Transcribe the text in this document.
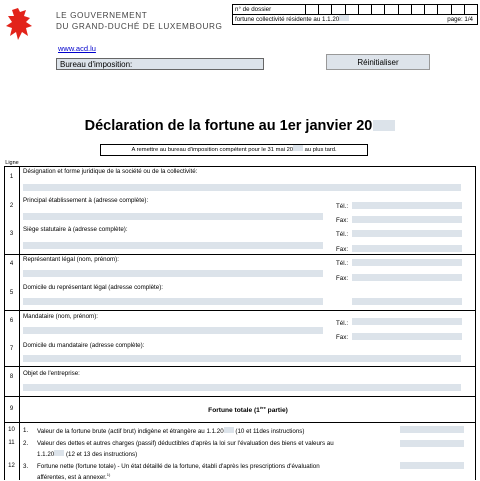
LE GOUVERNEMENT
DU GRAND-DUCHÉ DE LUXEMBOURG
www.acd.lu
Bureau d'imposition:	Réinitialiser
n° de dossier
fortune collectivité résidente au 1.1.20	page: 1/4
Déclaration de la fortune au 1er janvier 20
A remettre au bureau d'imposition compétent pour le 31 mai 20 au plus tard.
Ligne
1
Désignation et forme juridique de la société ou de la collectivité:
2
Principal établissement à (adresse complète):
Tél.:
Fax:
3
Siège statutaire à (adresse complète):
Tél.:
Fax:
4
Représentant légal (nom, prénom):
Tél.:
Fax:
5
Domicile du représentant légal (adresse complète):
6
Mandataire (nom, prénom):
Tél.:
Fax:
7	Domicile du mandataire (adresse complète):
8	Objet de l'entreprise:
9	Fortune totale (1ère partie)
10	1. Valeur de la fortune brute (actif brut) indigène et étrangère au 1.1.20 (10 et 11des instructions)
11	2. Valeur des dettes et autres charges (passif) déductibles d'après la loi sur l'évaluation des biens et valeurs au
1.1.20 (12 et 13 des instructions)
12	3. Fortune nette (fortune totale) - Un état détaillé de la fortune, établi d'après les prescriptions d'évaluation
afférentes, est à annexer.$^{1)}$
